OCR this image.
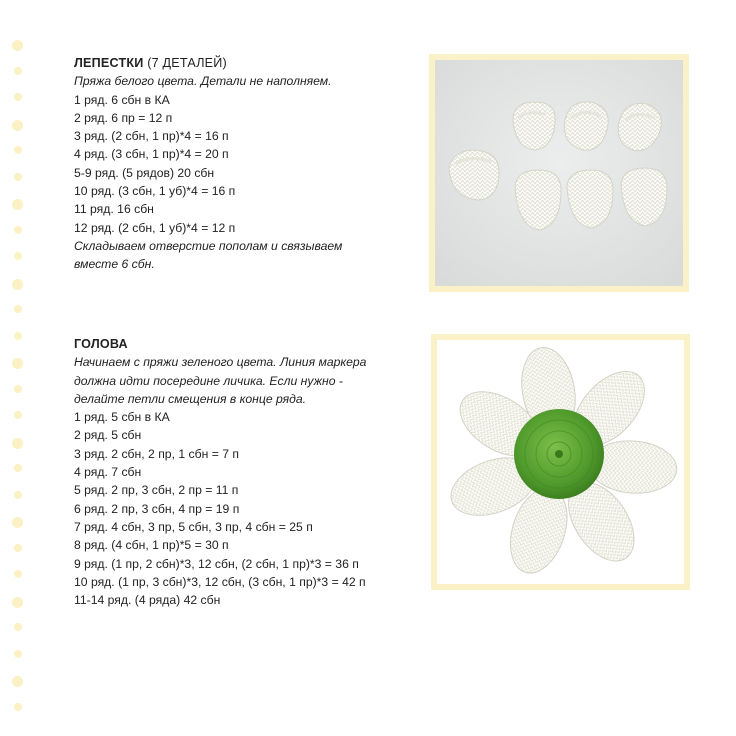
ЛЕПЕСТКИ (7 ДЕТАЛЕЙ)
Пряжа белого цвета. Детали не наполняем.
1 ряд. 6 сбн в КА
2 ряд. 6 пр = 12 п
3 ряд. (2 сбн, 1 пр)*4 = 16 п
4 ряд. (3 сбн, 1 пр)*4 = 20 п
5-9 ряд. (5 рядов) 20 сбн
10 ряд. (3 сбн, 1 уб)*4 = 16 п
11 ряд. 16 сбн
12 ряд. (2 сбн, 1 уб)*4 = 12 п
Складываем отверстие пополам и связываем
вместе 6 сбн.
ГОЛОВА
Начинаем с пряжи зеленого цвета. Линия маркера
должна идти посередине личика. Если нужно -
делайте петли смещения в конце ряда.
1 ряд. 5 сбн в КА
2 ряд. 5 сбн
3 ряд. 2 сбн, 2 пр, 1 сбн = 7 п
4 ряд. 7 сбн
5 ряд. 2 пр, 3 сбн, 2 пр = 11 п
6 ряд. 2 пр, 3 сбн, 4 пр = 19 п
7 ряд. 4 сбн, 3 пр, 5 сбн, 3 пр, 4 сбн = 25 п
8 ряд. (4 сбн, 1 пр)*5 = 30 п
9 ряд. (1 пр, 2 сбн)*3, 12 сбн, (2 сбн, 1 пр)*3 = 36 п
10 ряд. (1 пр, 3 сбн)*3, 12 сбн, (3 сбн, 1 пр)*3 = 42 п
11-14 ряд. (4 ряда) 42 сбн
